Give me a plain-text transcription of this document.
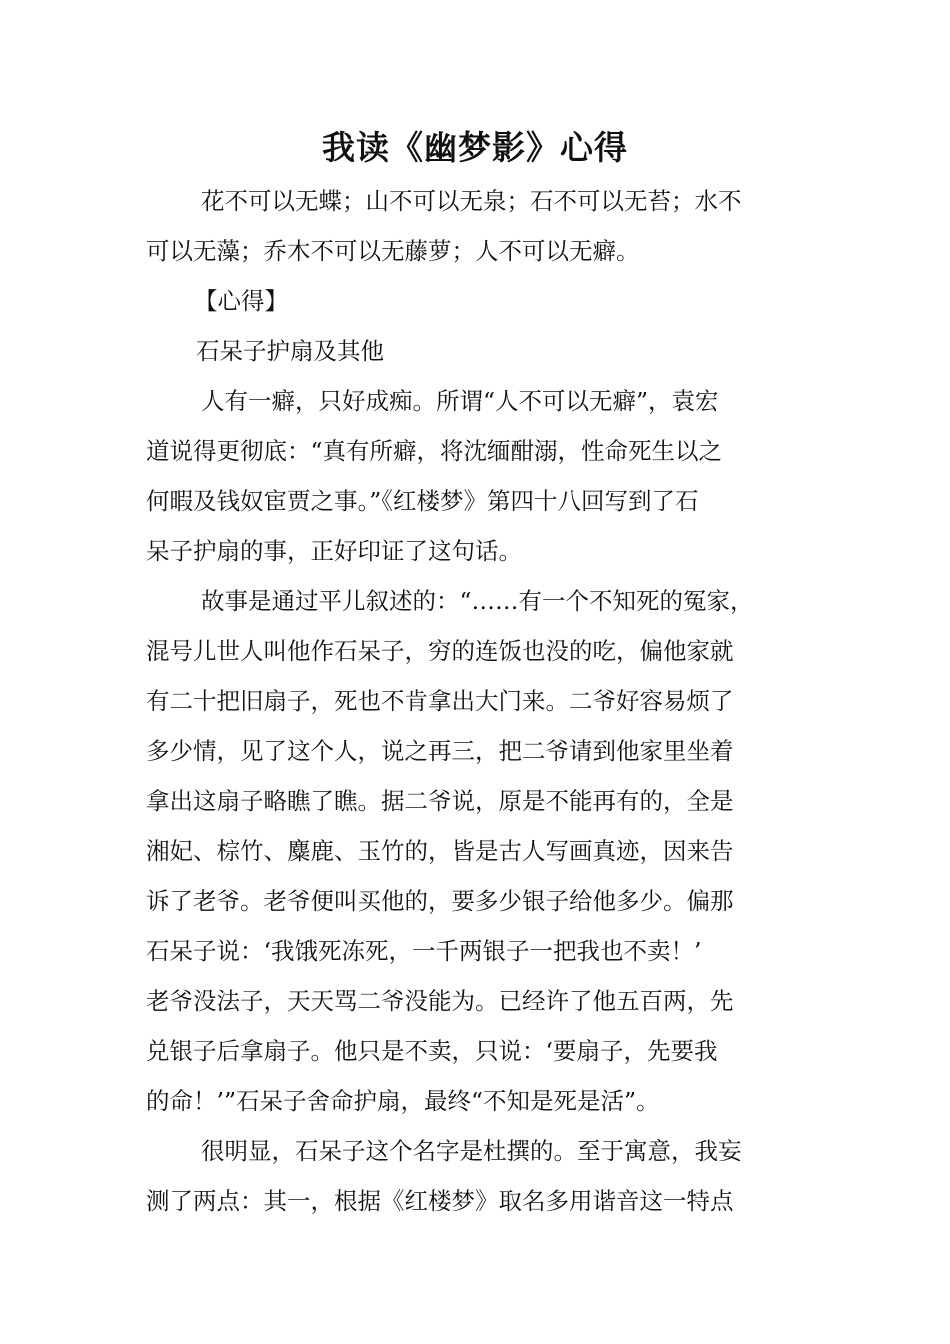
我读《幽梦影》心得
花不可以无蝶；山不可以无泉；石不可以无苔；水不
可以无藻；乔木不可以无藤萝；人不可以无癖。
【心得】
石呆子护扇及其他
人有一癖，只好成痴。所谓“人不可以无癖”，袁宏
道说得更彻底：“真有所癖，将沈缅酣溺，性命死生以之
何暇及钱奴宦贾之事。”《红楼梦》第四十八回写到了石
呆子护扇的事，正好印证了这句话。
故事是通过平儿叙述的：“……有一个不知死的冤家，
混号儿世人叫他作石呆子，穷的连饭也没的吃，偏他家就
有二十把旧扇子，死也不肯拿出大门来。二爷好容易烦了
多少情，见了这个人，说之再三，把二爷请到他家里坐着
拿出这扇子略瞧了瞧。据二爷说，原是不能再有的，全是
湘妃、棕竹、麋鹿、玉竹的，皆是古人写画真迹，因来告
诉了老爷。老爷便叫买他的，要多少银子给他多少。偏那
石呆子说：‘我饿死冻死，一千两银子一把我也不卖！’
老爷没法子，天天骂二爷没能为。已经许了他五百两，先
兑银子后拿扇子。他只是不卖，只说：‘要扇子，先要我
的命！’”石呆子舍命护扇，最终“不知是死是活”。
很明显，石呆子这个名字是杜撰的。至于寓意，我妄
测了两点：其一，根据《红楼梦》取名多用谐音这一特点
